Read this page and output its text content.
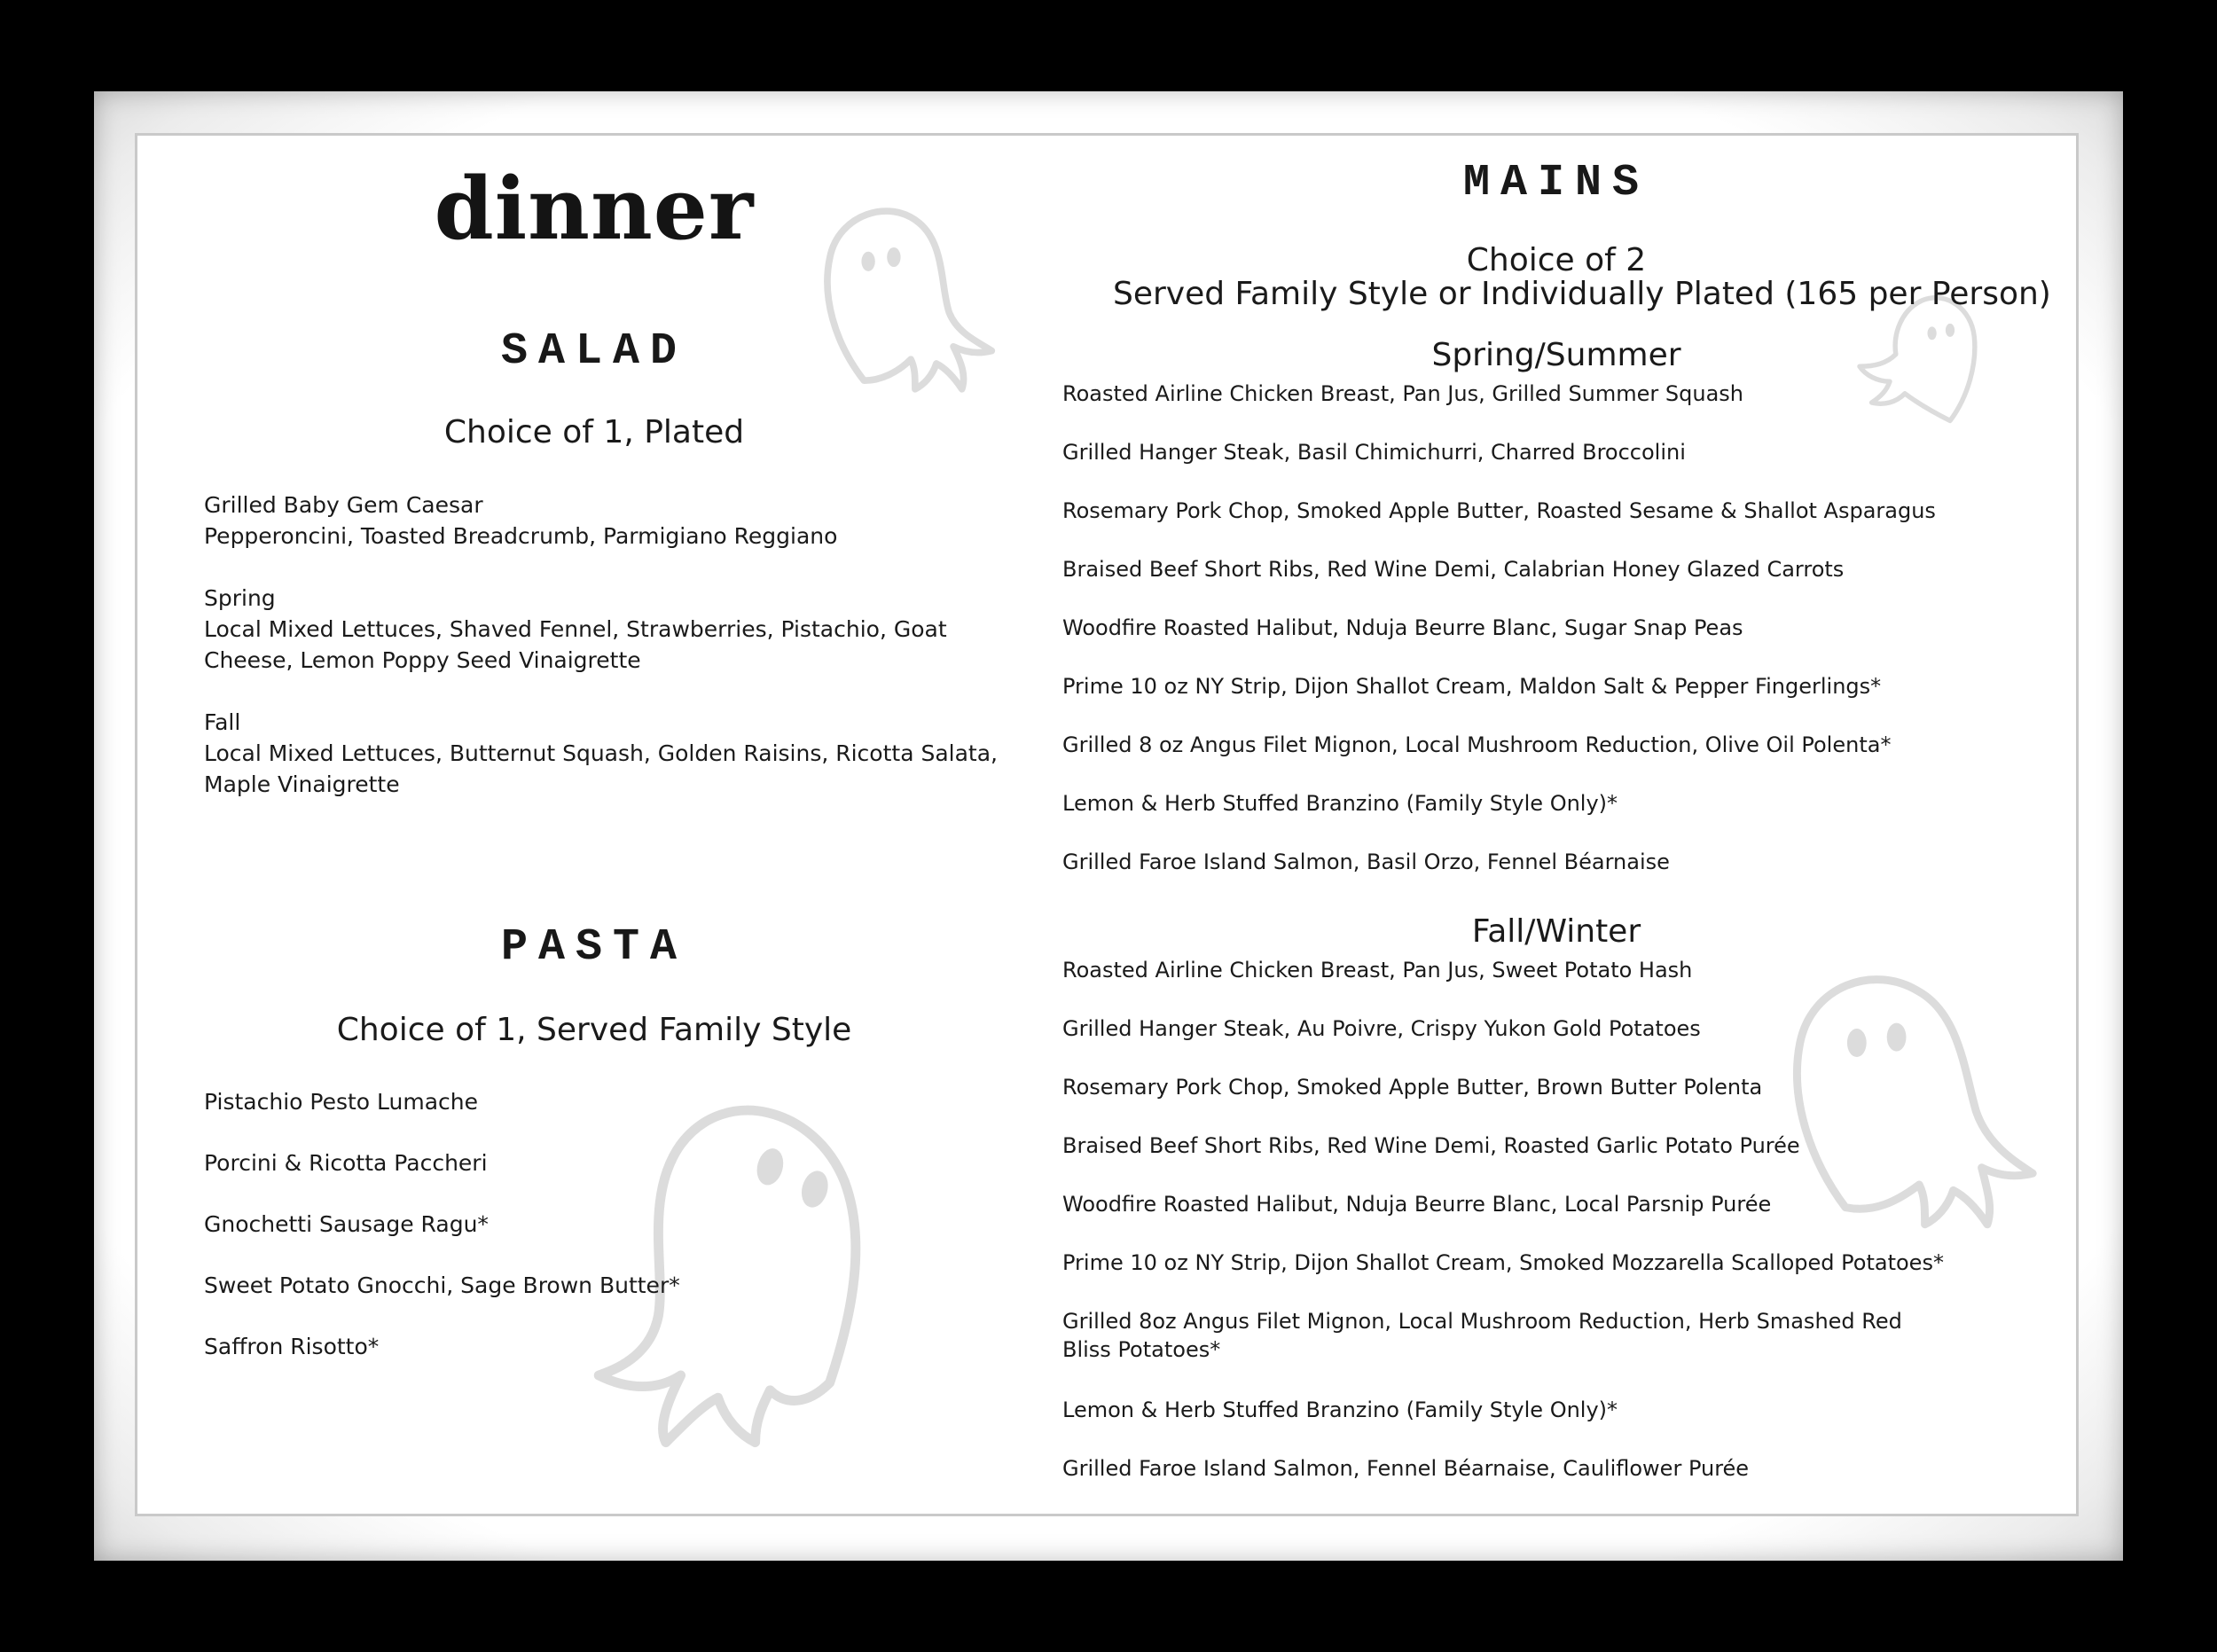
dinner
SALAD
Choice of 1, Plated
Grilled Baby Gem Caesar
Pepperoncini, Toasted Breadcrumb, Parmigiano Reggiano
Spring
Local Mixed Lettuces, Shaved Fennel, Strawberries, Pistachio, Goat Cheese, Lemon Poppy Seed Vinaigrette
Fall
Local Mixed Lettuces, Butternut Squash, Golden Raisins, Ricotta Salata, Maple Vinaigrette
PASTA
Choice of 1, Served Family Style
Pistachio Pesto Lumache
Porcini & Ricotta Paccheri
Gnochetti Sausage Ragu*
Sweet Potato Gnocchi, Sage Brown Butter*
Saffron Risotto*
MAINS
Choice of 2
Served Family Style or Individually Plated (165 per Person)
Spring/Summer
Roasted Airline Chicken Breast, Pan Jus, Grilled Summer Squash
Grilled Hanger Steak, Basil Chimichurri, Charred Broccolini
Rosemary Pork Chop, Smoked Apple Butter, Roasted Sesame & Shallot Asparagus
Braised Beef Short Ribs, Red Wine Demi, Calabrian Honey Glazed Carrots
Woodfire Roasted Halibut, Nduja Beurre Blanc, Sugar Snap Peas
Prime 10 oz NY Strip, Dijon Shallot Cream, Maldon Salt & Pepper Fingerlings*
Grilled 8 oz Angus Filet Mignon, Local Mushroom Reduction, Olive Oil Polenta*
Lemon & Herb Stuffed Branzino (Family Style Only)*
Grilled Faroe Island Salmon, Basil Orzo, Fennel Béarnaise
Fall/Winter
Roasted Airline Chicken Breast, Pan Jus, Sweet Potato Hash
Grilled Hanger Steak, Au Poivre, Crispy Yukon Gold Potatoes
Rosemary Pork Chop, Smoked Apple Butter, Brown Butter Polenta
Braised Beef Short Ribs, Red Wine Demi, Roasted Garlic Potato Purée
Woodfire Roasted Halibut, Nduja Beurre Blanc, Local Parsnip Purée
Prime 10 oz NY Strip, Dijon Shallot Cream, Smoked Mozzarella Scalloped Potatoes*
Grilled 8oz Angus Filet Mignon, Local Mushroom Reduction, Herb Smashed Red Bliss Potatoes*
Lemon & Herb Stuffed Branzino (Family Style Only)*
Grilled Faroe Island Salmon, Fennel Béarnaise, Cauliflower Purée
